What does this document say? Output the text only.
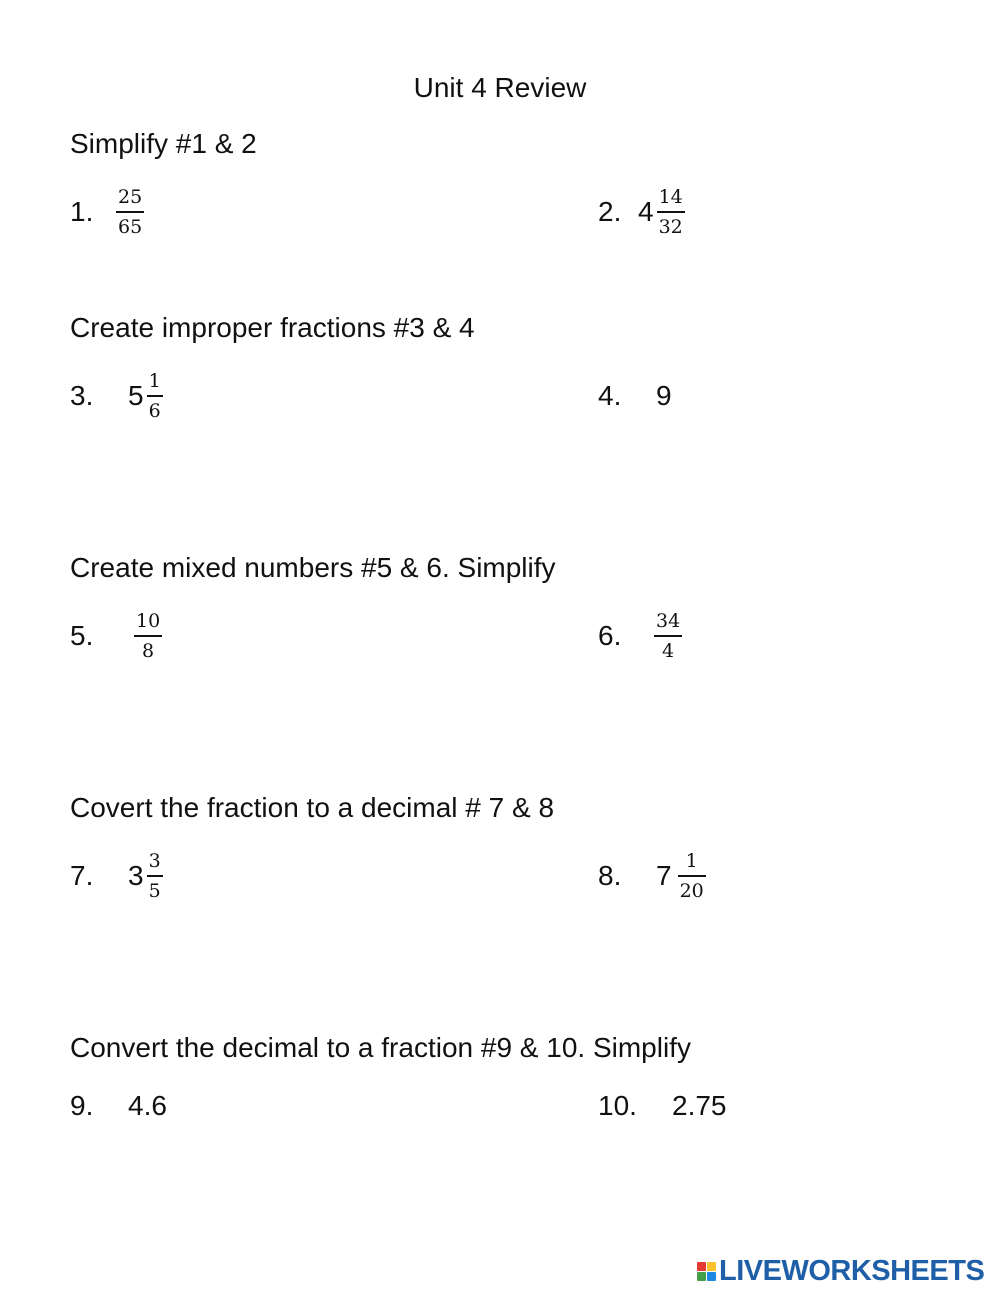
Unit 4 Review
Simplify #1 & 2
1.	$\frac{25}{65}$	2. $4 \frac{14}{32}$
Create improper fractions #3 & 4
3.	$5 \frac{1}{6}$	4.	9
Create mixed numbers #5 & 6. Simplify
5.	$\frac{10}{8}$	6.	$\frac{34}{4}$
Covert the fraction to a decimal # 7 & 8
7.	$3 \frac{3}{5}$	8.	$7 \frac{1}{20}$
Convert the decimal to a fraction #9 & 10. Simplify
9.	4.6	10.	2.75
LIVEWORKSHEETS
